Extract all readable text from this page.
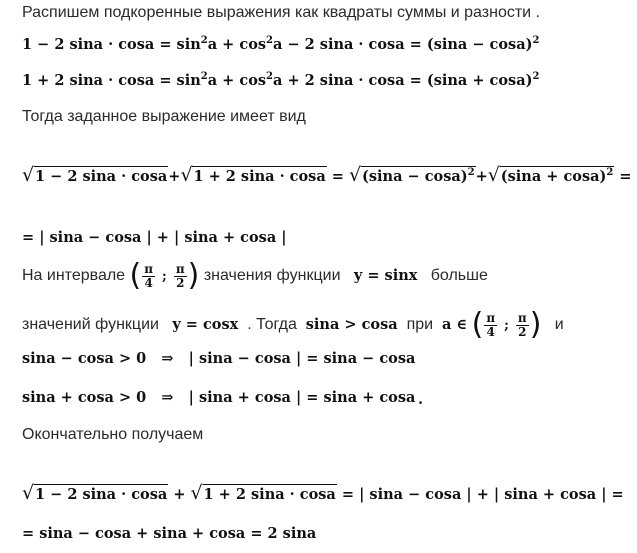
Распишем подкоренные выражения как квадраты суммы и разности .
1 − 2 $\sin a \cdot \cos a = \sin^2a + \cos^2a - 2$ $\sin a \cdot \cos a = (\sin a - \cos a)^2$
1 + 2 $\sin a \cdot \cos a = \sin^2a + \cos^2a + 2$ $\sin a \cdot \cos a = (\sin a + \cos a)^2$
Тогда заданное выражение имеет вид
√ 1 − 2 sina · cosa+ √ 1 + 2 sina · cosa = √ $(\sin a - \cos a)^2+$ √ $(\sin a + \cos a)^2$ =
= | sina − cosa | + | sina + cosa |
На интервале ( $\frac{\pi}{4}$ ; $\frac{\pi}{2}$ ) значения функции y = sinx больше
значений функции y = cosx . Тогда sina > cosa при a ∈ ( $\frac{\pi}{4}$ ; $\frac{\pi}{2}$ ) и
sina − cosa > 0   ⇒   | sina − cosa | = sina − cosa
sina + cosa > 0   ⇒   | sina + cosa | = sina + cosa .
Окончательно получаем
√ 1 − 2 sina · cosa + √ 1 + 2 sina · cosa = | sina − cosa | + | sina + cosa | =
= sina − cosa + sina + cosa = 2 sina
